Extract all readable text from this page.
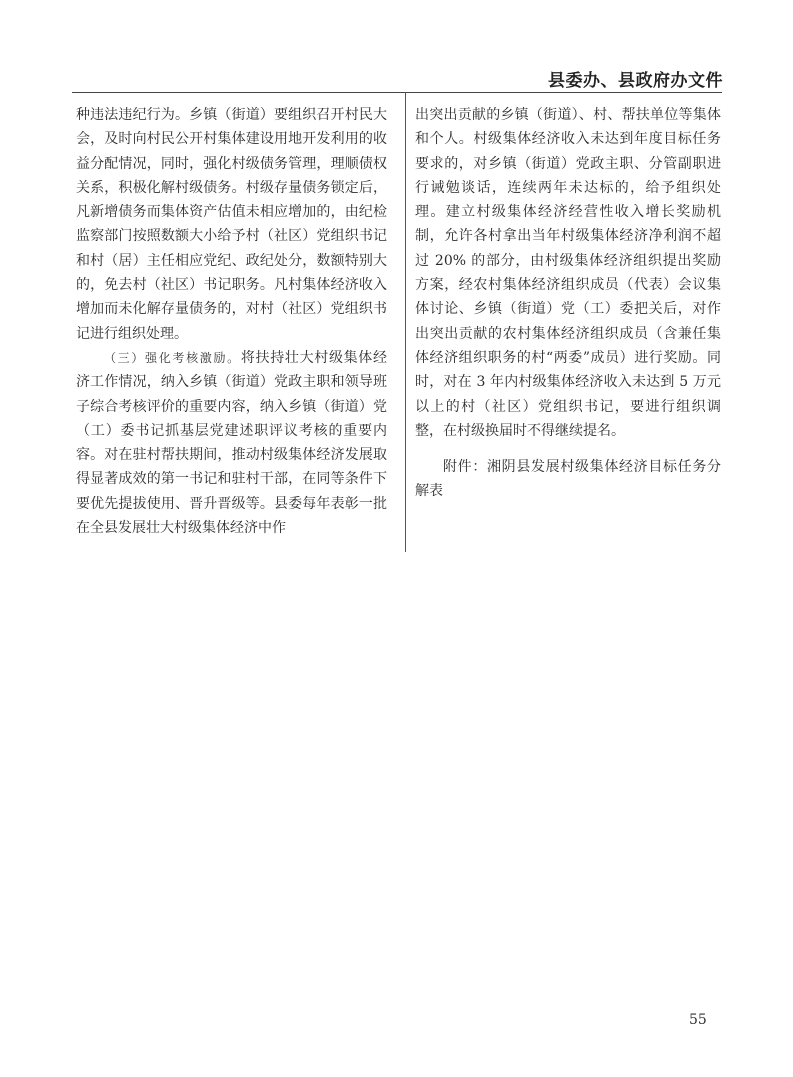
县委办、县政府办文件

种违法违纪行为。乡镇（街道）要组织召开村民大会，及时向村民公开村集体建设用地开发利用的收益分配情况，同时，强化村级债务管理，理顺债权关系，积极化解村级债务。村级存量债务锁定后，凡新增债务而集体资产估值未相应增加的，由纪检监察部门按照数额大小给予村（社区）党组织书记和村（居）主任相应党纪、政纪处分，数额特别大的，免去村（社区）书记职务。凡村集体经济收入增加而未化解存量债务的，对村（社区）党组织书记进行组织处理。

（三）强化考核激励。将扶持壮大村级集体经济工作情况，纳入乡镇（街道）党政主职和领导班子综合考核评价的重要内容，纳入乡镇（街道）党（工）委书记抓基层党建述职评议考核的重要内容。对在驻村帮扶期间，推动村级集体经济发展取得显著成效的第一书记和驻村干部，在同等条件下要优先提拔使用、晋升晋级等。县委每年表彰一批在全县发展壮大村级集体经济中作

出突出贡献的乡镇（街道）、村、帮扶单位等集体和个人。村级集体经济收入未达到年度目标任务要求的，对乡镇（街道）党政主职、分管副职进行诫勉谈话，连续两年未达标的，给予组织处理。建立村级集体经济经营性收入增长奖励机制，允许各村拿出当年村级集体经济净利润不超过 20% 的部分，由村级集体经济组织提出奖励方案，经农村集体经济组织成员（代表）会议集体讨论、乡镇（街道）党（工）委把关后，对作出突出贡献的农村集体经济组织成员（含兼任集体经济组织职务的村“两委”成员）进行奖励。同时，对在 3 年内村级集体经济收入未达到 5 万元以上的村（社区）党组织书记，要进行组织调整，在村级换届时不得继续提名。

附件：湘阴县发展村级集体经济目标任务分解表

55
